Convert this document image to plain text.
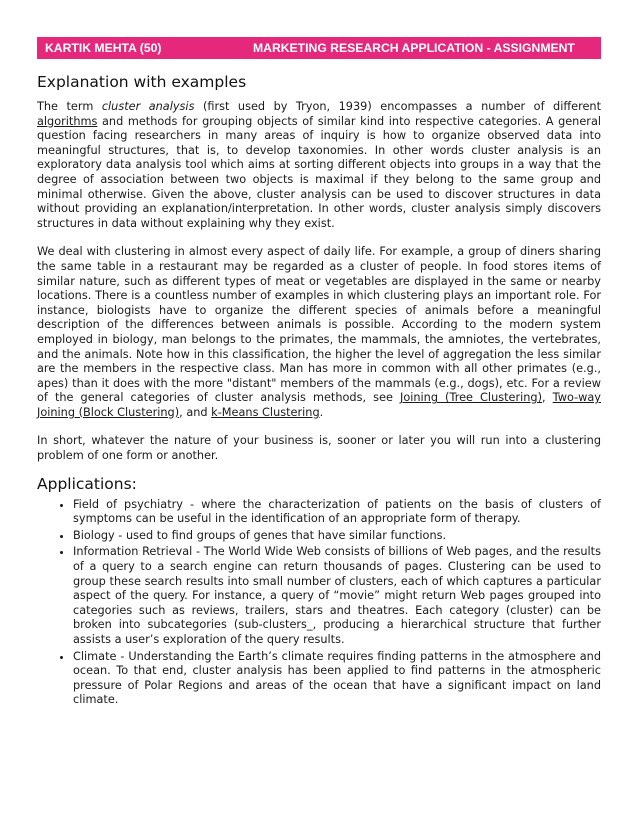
KARTIK MEHTA (50)	MARKETING RESEARCH APPLICATION - ASSIGNMENT
Explanation with examples

The term cluster analysis (first used by Tryon, 1939) encompasses a number of different algorithms and methods for grouping objects of similar kind into respective categories. A general question facing researchers in many areas of inquiry is how to organize observed data into meaningful structures, that is, to develop taxonomies. In other words cluster analysis is an exploratory data analysis tool which aims at sorting different objects into groups in a way that the degree of association between two objects is maximal if they belong to the same group and minimal otherwise. Given the above, cluster analysis can be used to discover structures in data without providing an explanation/interpretation. In other words, cluster analysis simply discovers structures in data without explaining why they exist.

We deal with clustering in almost every aspect of daily life. For example, a group of diners sharing the same table in a restaurant may be regarded as a cluster of people. In food stores items of similar nature, such as different types of meat or vegetables are displayed in the same or nearby locations. There is a countless number of examples in which clustering plays an important role. For instance, biologists have to organize the different species of animals before a meaningful description of the differences between animals is possible. According to the modern system employed in biology, man belongs to the primates, the mammals, the amniotes, the vertebrates, and the animals. Note how in this classification, the higher the level of aggregation the less similar are the members in the respective class. Man has more in common with all other primates (e.g., apes) than it does with the more "distant" members of the mammals (e.g., dogs), etc. For a review of the general categories of cluster analysis methods, see Joining (Tree Clustering), Two-way Joining (Block Clustering), and k-Means Clustering.

In short, whatever the nature of your business is, sooner or later you will run into a clustering problem of one form or another.

Applications:
• Field of psychiatry - where the characterization of patients on the basis of clusters of symptoms can be useful in the identification of an appropriate form of therapy.
• Biology - used to find groups of genes that have similar functions.
• Information Retrieval - The World Wide Web consists of billions of Web pages, and the results of a query to a search engine can return thousands of pages. Clustering can be used to group these search results into small number of clusters, each of which captures a particular aspect of the query. For instance, a query of “movie” might return Web pages grouped into categories such as reviews, trailers, stars and theatres. Each category (cluster) can be broken into subcategories (sub-clusters_, producing a hierarchical structure that further assists a user’s exploration of the query results.
• Climate - Understanding the Earth’s climate requires finding patterns in the atmosphere and ocean. To that end, cluster analysis has been applied to find patterns in the atmospheric pressure of Polar Regions and areas of the ocean that have a significant impact on land climate.
